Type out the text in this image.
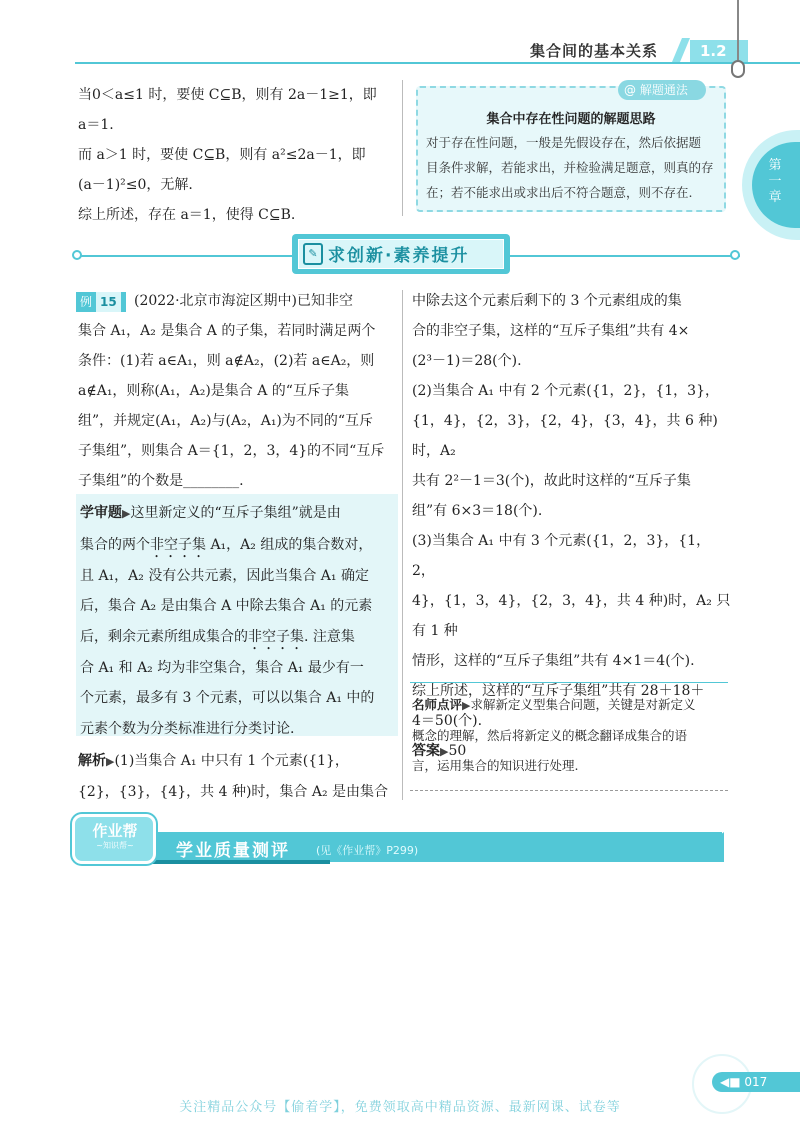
集合间的基本关系	1.2
第一章
当0＜a≤1 时，要使 C⊆B，则有 2a－1≥1，即
a＝1.
而 a＞1 时，要使 C⊆B，则有 a²≤2a－1，即
(a－1)²≤0，无解.
综上所述，存在 a＝1，使得 C⊆B.
@ 解题通法
集合中存在性问题的解题思路
对于存在性问题，一般是先假设存在，然后依据题
目条件求解，若能求出，并检验满足题意，则真的存
在；若不能求出或求出后不符合题意，则不存在.
✎ 求创新·素养提升
例 15	(2022·北京市海淀区期中)已知非空
集合 A₁，A₂ 是集合 A 的子集，若同时满足两个
条件：(1)若 a∈A₁，则 a∉A₂，(2)若 a∈A₂，则
a∉A₁，则称(A₁，A₂)是集合 A 的“互斥子集
组”，并规定(A₁，A₂)与(A₂，A₁)为不同的“互斥
子集组”，则集合 A＝{1，2，3，4}的不同“互斥
子集组”的个数是________.
学审题▶这里新定义的“互斥子集组”就是由
集合的两个非空子集 A₁，A₂ 组成的集合数对，
且 A₁，A₂ 没有公共元素，因此当集合 A₁ 确定
后，集合 A₂ 是由集合 A 中除去集合 A₁ 的元素
后，剩余元素所组成集合的非空子集. 注意集
合 A₁ 和 A₂ 均为非空集合，集合 A₁ 最少有一
个元素，最多有 3 个元素，可以以集合 A₁ 中的
元素个数为分类标准进行分类讨论.
解析▶(1)当集合 A₁ 中只有 1 个元素({1}，
{2}，{3}，{4}，共 4 种)时，集合 A₂ 是由集合
中除去这个元素后剩下的 3 个元素组成的集
合的非空子集，这样的“互斥子集组”共有 4×
(2³－1)＝28(个).
(2)当集合 A₁ 中有 2 个元素({1，2}，{1，3}，
{1，4}，{2，3}，{2，4}，{3，4}，共 6 种)时，A₂
共有 2²－1＝3(个)，故此时这样的“互斥子集
组”有 6×3＝18(个).
(3)当集合 A₁ 中有 3 个元素({1，2，3}，{1，2，
4}，{1，3，4}，{2，3，4}，共 4 种)时，A₂ 只有 1 种
情形，这样的“互斥子集组”共有 4×1＝4(个).
综上所述，这样的“互斥子集组”共有 28＋18＋
4＝50(个).
答案▶50
名师点评▶求解新定义型集合问题，关键是对新定义
概念的理解，然后将新定义的概念翻译成集合的语
言，运用集合的知识进行处理.
作业帮
~知识帮~	学业质量测评 (见《作业帮》P299)
◀■ 017
关注精品公众号【偷着学】，免费领取高中精品资源、最新网课、试卷等
